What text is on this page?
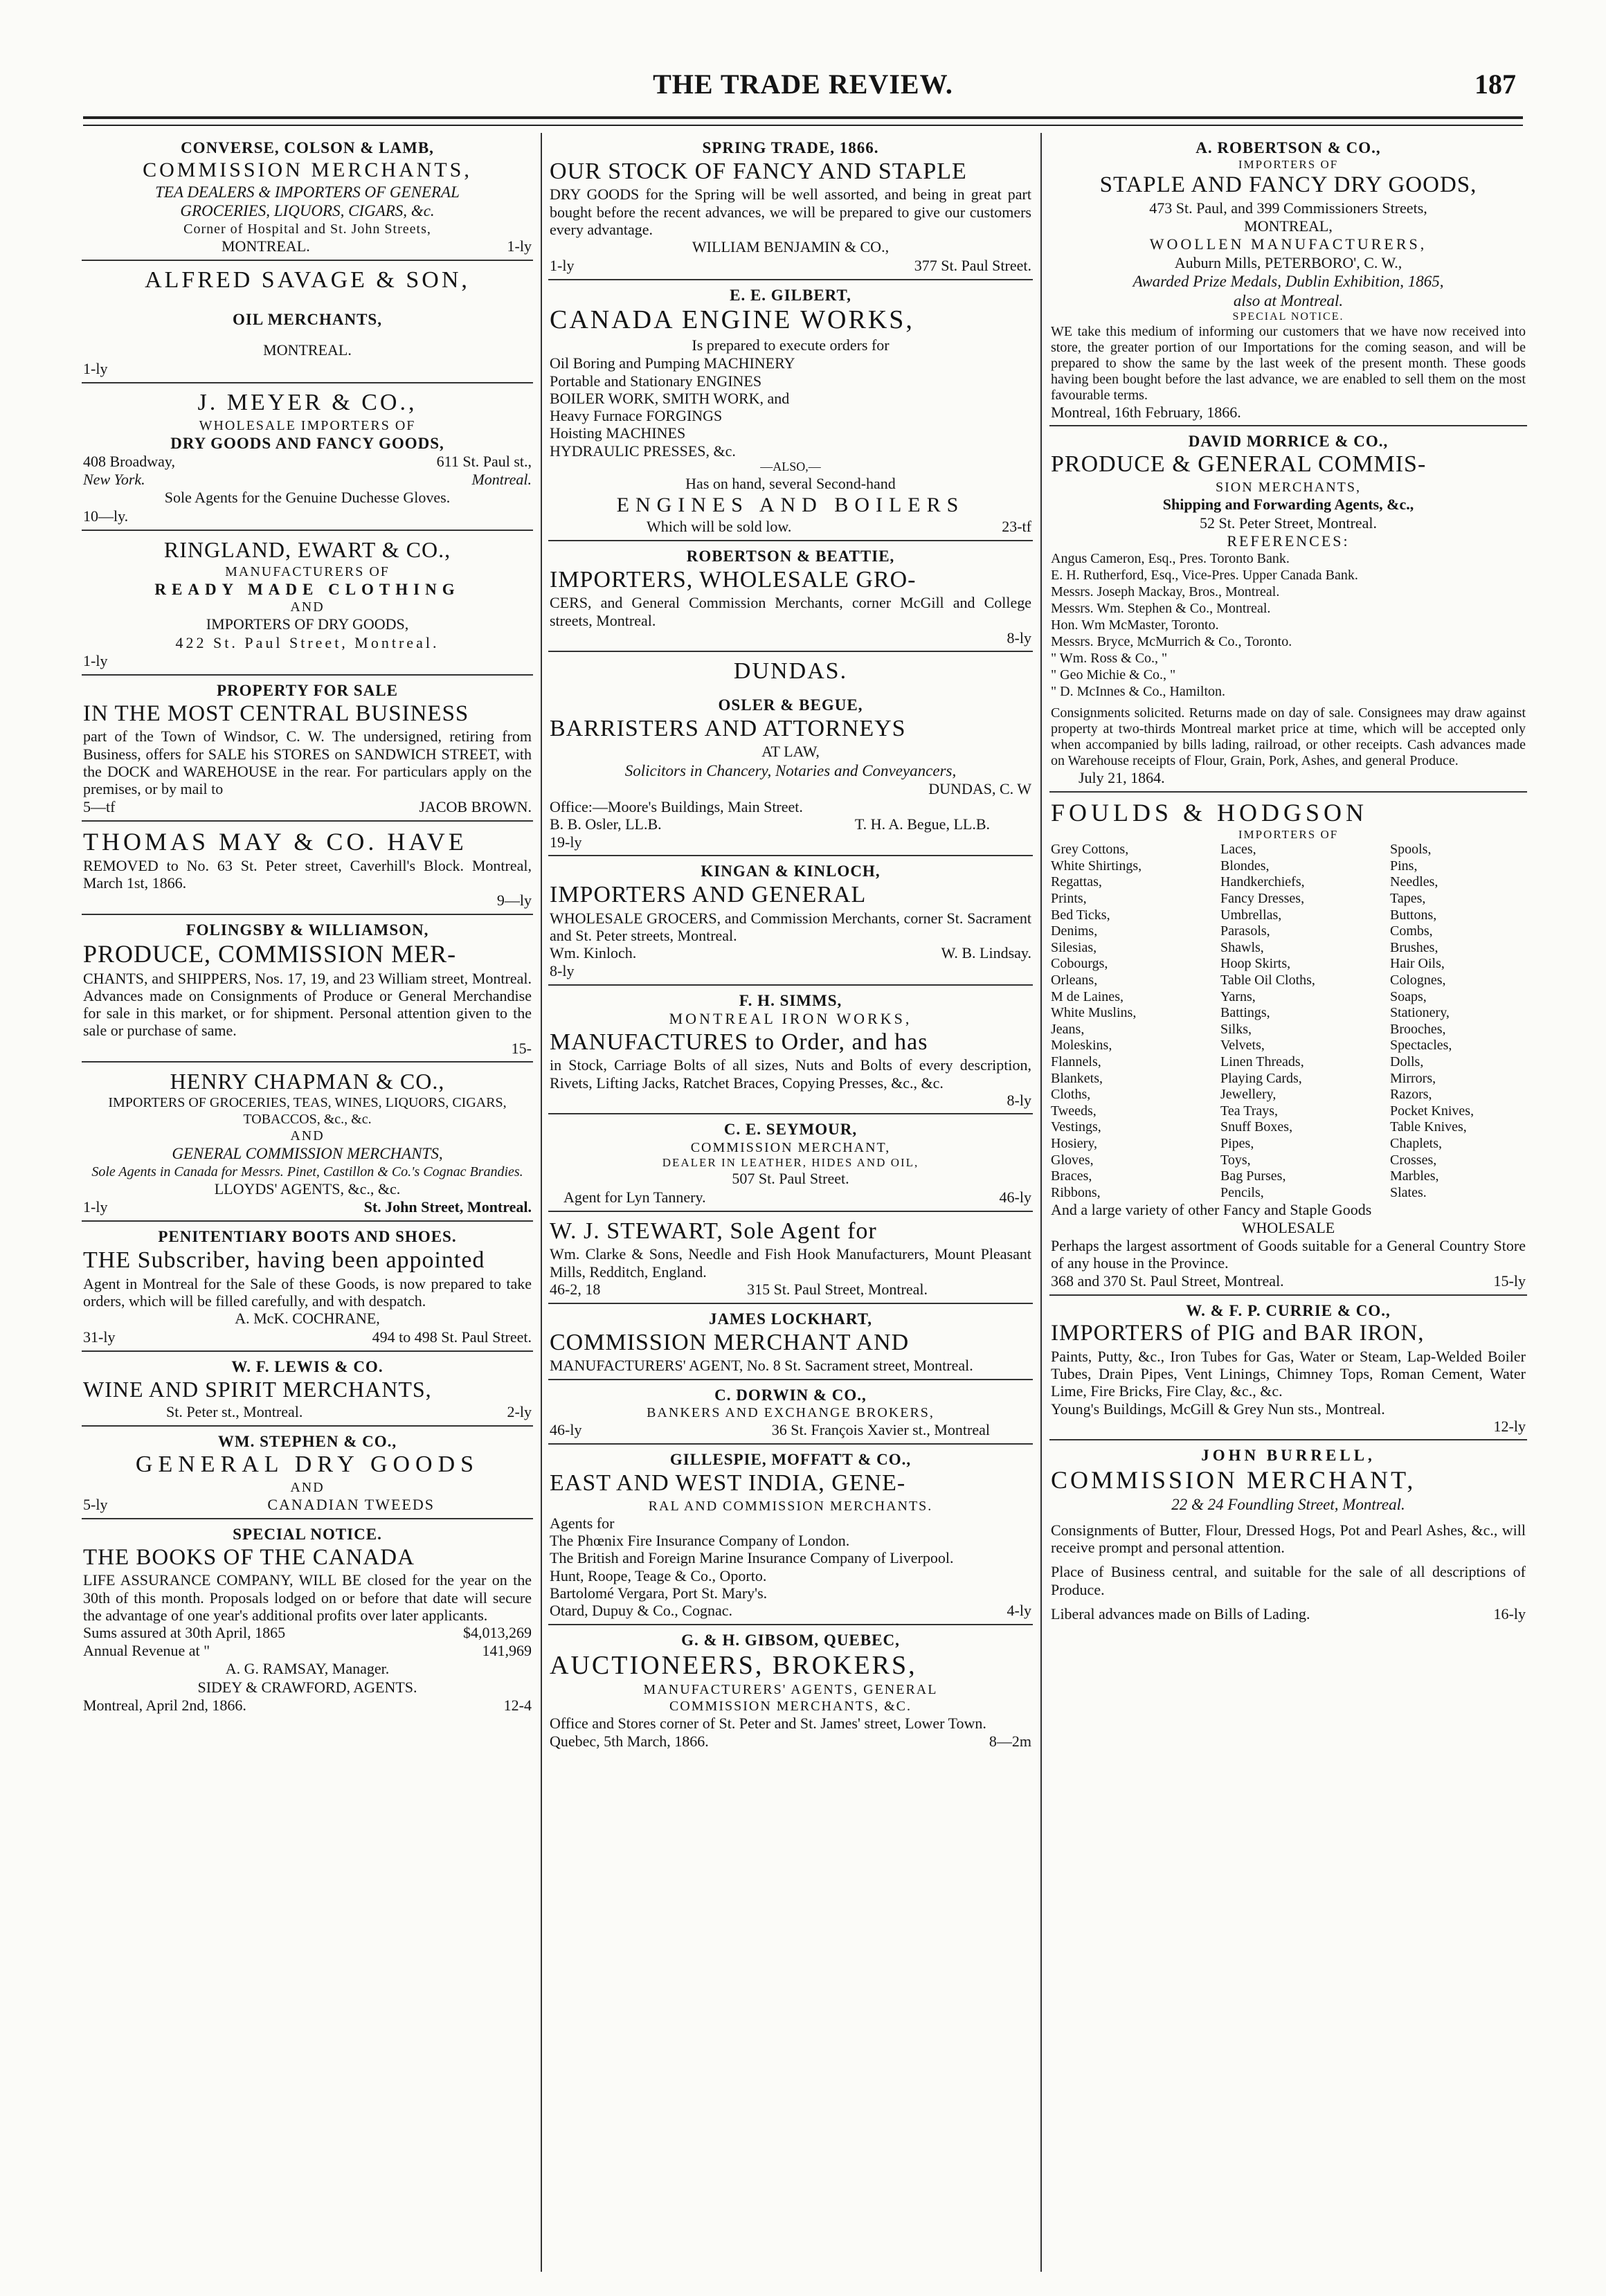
THE TRADE REVIEW.	187

CONVERSE, COLSON & LAMB,

COMMISSION MERCHANTS,

TEA DEALERS & IMPORTERS OF GENERAL

GROCERIES, LIQUORS, CIGARS, &c.

Corner of Hospital and St. John Streets,

MONTREAL.	1-ly

ALFRED SAVAGE & SON,

OIL MERCHANTS,

MONTREAL.

1-ly

J. MEYER & CO.,

WHOLESALE IMPORTERS OF

DRY GOODS AND FANCY GOODS,

408 Broadway,	611 St. Paul st.,
New York.	Montreal.

Sole Agents for the Genuine Duchesse Gloves.

10—ly.

RINGLAND, EWART & CO.,

MANUFACTURERS OF

READY MADE CLOTHING

AND

IMPORTERS OF DRY GOODS,

422 St. Paul Street, Montreal.

1-ly

PROPERTY FOR SALE

IN THE MOST CENTRAL BUSINESS

part of the Town of Windsor, C. W. The undersigned, retiring from Business, offers for SALE his STORES on SANDWICH STREET, with the DOCK and WAREHOUSE in the rear. For particulars apply on the premises, or by mail to

5—tf	JACOB BROWN.

THOMAS MAY & CO. HAVE

REMOVED to No. 63 St. Peter street, Caverhill's Block. Montreal, March 1st, 1866.

9—ly

FOLINGSBY & WILLIAMSON,

PRODUCE, COMMISSION MER-

CHANTS, and SHIPPERS, Nos. 17, 19, and 23 William street, Montreal. Advances made on Consignments of Produce or General Merchandise for sale in this market, or for shipment. Personal attention given to the sale or purchase of same.

15-

HENRY CHAPMAN & CO.,

IMPORTERS OF GROCERIES, TEAS, WINES, LIQUORS, CIGARS, TOBACCOS, &c., &c.

AND

GENERAL COMMISSION MERCHANTS,

Sole Agents in Canada for Messrs. Pinet, Castillon & Co.'s Cognac Brandies.

LLOYDS' AGENTS, &c., &c.

1-ly	St. John Street, Montreal.

PENITENTIARY BOOTS AND SHOES.

THE Subscriber, having been appointed

Agent in Montreal for the Sale of these Goods, is now prepared to take orders, which will be filled carefully, and with despatch.

A. McK. COCHRANE,

31-ly	494 to 498 St. Paul Street.

W. F. LEWIS & CO.

WINE AND SPIRIT MERCHANTS,

St. Peter st., Montreal.	2-ly

WM. STEPHEN & CO.,

GENERAL DRY GOODS

AND

5-ly	CANADIAN TWEEDS

SPECIAL NOTICE.

THE BOOKS OF THE CANADA

LIFE ASSURANCE COMPANY, WILL BE closed for the year on the 30th of this month. Proposals lodged on or before that date will secure the advantage of one year's additional profits over later applicants.

Sums assured at 30th April, 1865	$4,013,269
Annual Revenue at "	141,969

A. G. RAMSAY, Manager.

SIDEY & CRAWFORD, AGENTS.

Montreal, April 2nd, 1866.	12-4

SPRING TRADE, 1866.

OUR STOCK OF FANCY AND STAPLE

DRY GOODS for the Spring will be well assorted, and being in great part bought before the recent advances, we will be prepared to give our customers every advantage.

WILLIAM BENJAMIN & CO.,

1-ly	377 St. Paul Street.

E. E. GILBERT,

CANADA ENGINE WORKS,

Is prepared to execute orders for

Oil Boring and Pumping MACHINERY

Portable and Stationary ENGINES

BOILER WORK, SMITH WORK, and

Heavy Furnace FORGINGS

Hoisting MACHINES

HYDRAULIC PRESSES, &c.

—ALSO,—

Has on hand, several Second-hand

ENGINES AND BOILERS

Which will be sold low.	23-tf

ROBERTSON & BEATTIE,

IMPORTERS, WHOLESALE GRO-

CERS, and General Commission Merchants, corner McGill and College streets, Montreal.

8-ly

DUNDAS.

OSLER & BEGUE,

BARRISTERS AND ATTORNEYS

AT LAW,

Solicitors in Chancery, Notaries and Conveyancers,

DUNDAS, C. W

Office:—Moore's Buildings, Main Street.

B. B. Osler, LL.B.	T. H. A. Begue, LL.B.

19-ly

KINGAN & KINLOCH,

IMPORTERS AND GENERAL

WHOLESALE GROCERS, and Commission Merchants, corner St. Sacrament and St. Peter streets, Montreal.

Wm. Kinloch.	W. B. Lindsay.

8-ly

F. H. SIMMS,

MONTREAL IRON WORKS,

MANUFACTURES to Order, and has

in Stock, Carriage Bolts of all sizes, Nuts and Bolts of every description, Rivets, Lifting Jacks, Ratchet Braces, Copying Presses, &c., &c.

8-ly

C. E. SEYMOUR,

COMMISSION MERCHANT,

DEALER IN LEATHER, HIDES AND OIL,

507 St. Paul Street.

Agent for Lyn Tannery.	46-ly

W. J. STEWART, Sole Agent for

Wm. Clarke & Sons, Needle and Fish Hook Manufacturers, Mount Pleasant Mills, Redditch, England.

46-2, 18	315 St. Paul Street, Montreal.

JAMES LOCKHART,

COMMISSION MERCHANT AND

MANUFACTURERS' AGENT, No. 8 St. Sacrament street, Montreal.

C. DORWIN & CO.,

BANKERS AND EXCHANGE BROKERS,

46-ly	36 St. François Xavier st., Montreal

GILLESPIE, MOFFATT & CO.,

EAST AND WEST INDIA, GENE-

RAL AND COMMISSION MERCHANTS.

Agents for

The Phœnix Fire Insurance Company of London.

The British and Foreign Marine Insurance Company of Liverpool.

Hunt, Roope, Teage & Co., Oporto.

Bartolomé Vergara, Port St. Mary's.

Otard, Dupuy & Co., Cognac.	4-ly

G. & H. GIBSOM, QUEBEC,

AUCTIONEERS, BROKERS,

MANUFACTURERS' AGENTS, GENERAL

COMMISSION MERCHANTS, &C.

Office and Stores corner of St. Peter and St. James' street, Lower Town.

Quebec, 5th March, 1866.	8—2m

A. ROBERTSON & CO.,

IMPORTERS OF

STAPLE AND FANCY DRY GOODS,

473 St. Paul, and 399 Commissioners Streets,

MONTREAL,

WOOLLEN MANUFACTURERS,

Auburn Mills, PETERBORO', C. W.,

Awarded Prize Medals, Dublin Exhibition, 1865,

also at Montreal.

SPECIAL NOTICE.

WE take this medium of informing our customers that we have now received into store, the greater portion of our Importations for the coming season, and will be prepared to show the same by the last week of the present month. These goods having been bought before the last advance, we are enabled to sell them on the most favourable terms.

Montreal, 16th February, 1866.

DAVID MORRICE & CO.,

PRODUCE & GENERAL COMMIS-

SION MERCHANTS,

Shipping and Forwarding Agents, &c.,

52 St. Peter Street, Montreal.

REFERENCES:

Angus Cameron, Esq., Pres. Toronto Bank.

E. H. Rutherford, Esq., Vice-Pres. Upper Canada Bank.

Messrs. Joseph Mackay, Bros., Montreal.

Messrs. Wm. Stephen & Co., Montreal.

Hon. Wm McMaster, Toronto.

Messrs. Bryce, McMurrich & Co., Toronto.

" Wm. Ross & Co., "

" Geo Michie & Co., "

" D. McInnes & Co., Hamilton.

Consignments solicited. Returns made on day of sale. Consignees may draw against property at two-thirds Montreal market price at time, which will be accepted only when accompanied by bills lading, railroad, or other receipts. Cash advances made on Warehouse receipts of Flour, Grain, Pork, Ashes, and general Produce.

July 21, 1864.

FOULDS & HODGSON

IMPORTERS OF

Grey Cottons,	Laces,	Spools,
White Shirtings,	Blondes,	Pins,
Regattas,	Handkerchiefs,	Needles,
Prints,	Fancy Dresses,	Tapes,
Bed Ticks,	Umbrellas,	Buttons,
Denims,	Parasols,	Combs,
Silesias,	Shawls,	Brushes,
Cobourgs,	Hoop Skirts,	Hair Oils,
Orleans,	Table Oil Cloths,	Colognes,
M de Laines,	Yarns,	Soaps,
White Muslins,	Battings,	Stationery,
Jeans,	Silks,	Brooches,
Moleskins,	Velvets,	Spectacles,
Flannels,	Linen Threads,	Dolls,
Blankets,	Playing Cards,	Mirrors,
Cloths,	Jewellery,	Razors,
Tweeds,	Tea Trays,	Pocket Knives,
Vestings,	Snuff Boxes,	Table Knives,
Hosiery,	Pipes,	Chaplets,
Gloves,	Toys,	Crosses,
Braces,	Bag Purses,	Marbles,
Ribbons,	Pencils,	Slates.

And a large variety of other Fancy and Staple Goods

WHOLESALE

Perhaps the largest assortment of Goods suitable for a General Country Store of any house in the Province.

368 and 370 St. Paul Street, Montreal.	15-ly

W. & F. P. CURRIE & CO.,

IMPORTERS of PIG and BAR IRON,

Paints, Putty, &c., Iron Tubes for Gas, Water or Steam, Lap-Welded Boiler Tubes, Drain Pipes, Vent Linings, Chimney Tops, Roman Cement, Water Lime, Fire Bricks, Fire Clay, &c., &c.

Young's Buildings, McGill & Grey Nun sts., Montreal.

12-ly

JOHN BURRELL,

COMMISSION MERCHANT,

22 & 24 Foundling Street, Montreal.

Consignments of Butter, Flour, Dressed Hogs, Pot and Pearl Ashes, &c., will receive prompt and personal attention.

Place of Business central, and suitable for the sale of all descriptions of Produce.

Liberal advances made on Bills of Lading.	16-ly
